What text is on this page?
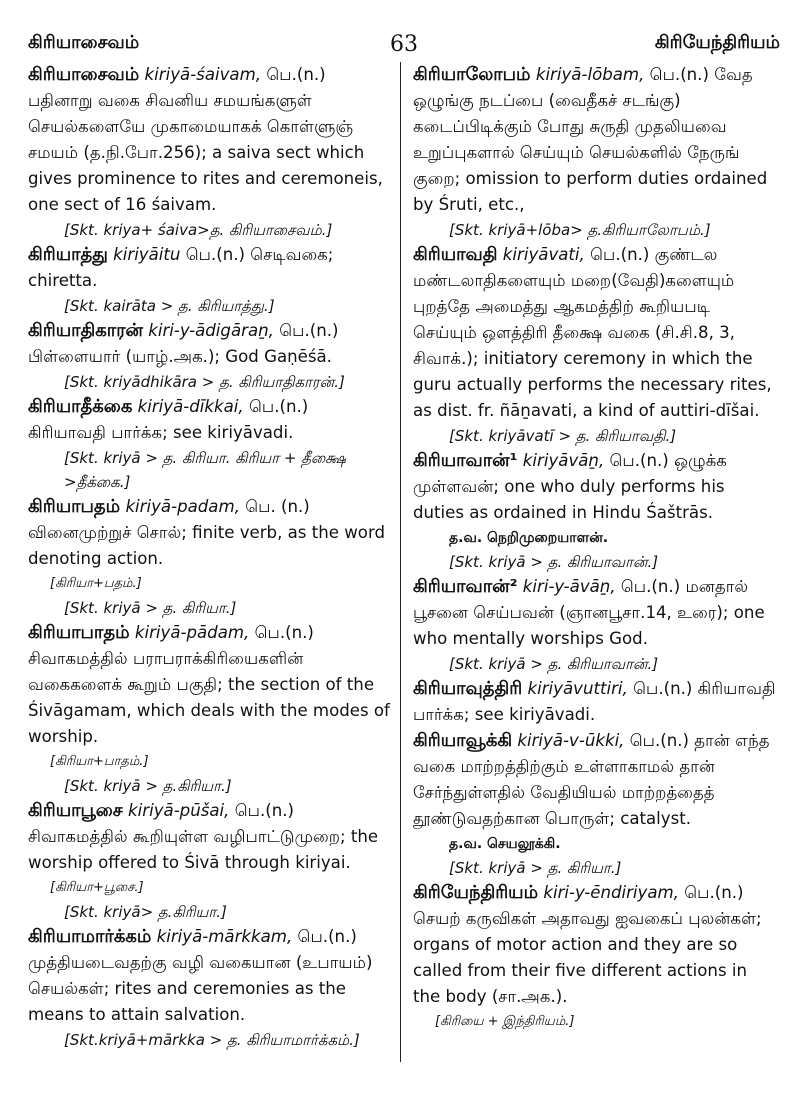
கிரியாசைவம்	63	கிரியேந்திரியம்

கிரியாசைவம் kiriyā-śaivam, பெ.(n.) பதினாறு வகை சிவனிய சமயங்களுள் செயல்களையே முகாமையாகக் கொள்ளுஞ் சமயம் (த.நி.போ.256); a saiva sect which gives prominence to rites and ceremoneis, one sect of 16 śaivam.

[Skt. kriya+ śaiva>த. கிரியாசைவம்.]

கிரியாத்து kiriyāitu பெ.(n.) செடிவகை; chiretta.

[Skt. kairāta > த. கிரியாத்து.]

கிரியாதிகாரன் kiri-y-ādigāraṉ, பெ.(n.) பிள்ளையார் (யாழ்.அக.); God Gaṇēśā.

[Skt. kriyādhikāra > த. கிரியாதிகாரன்.]

கிரியாதீக்கை kiriyā-dīkkai, பெ.(n.) கிரியாவதி பார்க்க; see kiriyāvadi.

[Skt. kriyā > த. கிரியா. கிரியா + தீக்ஷை >தீக்கை.]

கிரியாபதம் kiriyā-padam, பெ. (n.) வினைமுற்றுச் சொல்; finite verb, as the word denoting action.

[கிரியா+பதம்.]
[Skt. kriyā > த. கிரியா.]

கிரியாபாதம் kiriyā-pādam, பெ.(n.) சிவாகமத்தில் பராபராக்கிரியைகளின் வகைகளைக் கூறும் பகுதி; the section of the Śivāgamam, which deals with the modes of worship.

[கிரியா+பாதம்.]
[Skt. kriyā > த.கிரியா.]

கிரியாபூசை kiriyā-pūšai, பெ.(n.) சிவாகமத்தில் கூறியுள்ள வழிபாட்டுமுறை; the worship offered to Śivā through kiriyai.

[கிரியா+பூசை.]
[Skt. kriyā> த.கிரியா.]

கிரியாமார்க்கம் kiriyā-mārkkam, பெ.(n.) முத்தியடைவதற்கு வழி வகையான (உபாயம்) செயல்கள்; rites and ceremonies as the means to attain salvation.

[Skt.kriyā+mārkka > த. கிரியாமார்க்கம்.]

கிரியாலோபம் kiriyā-lōbam, பெ.(n.) வேத ஒழுங்கு நடப்பை (வைதீகச் சடங்கு) கடைப்பிடிக்கும் போது சுருதி முதலியவை உறுப்புகளால் செய்யும் செயல்களில் நேருங் குறை; omission to perform duties ordained by Śruti, etc.,

[Skt. kriyā+lōba> த.கிரியாலோபம்.]

கிரியாவதி kiriyāvati, பெ.(n.) குண்டல மண்டலாதிகளையும் மறை(வேதி)களையும் புறத்தே அமைத்து ஆகமத்திற் கூறியபடி செய்யும் ஒளத்திரி தீக்ஷை வகை (சி.சி.8, 3, சிவாக்.); initiatory ceremony in which the guru actually performs the necessary rites, as dist. fr. ñāṉavati, a kind of auttiri-dīšai.

[Skt. kriyāvatī > த. கிரியாவதி.]

கிரியாவான்¹ kiriyāvāṉ, பெ.(n.) ஒழுக்க முள்ளவன்; one who duly performs his duties as ordained in Hindu Śaštrās.

த.வ. நெறிமுறையாளன்.
[Skt. kriyā > த. கிரியாவான்.]

கிரியாவான்² kiri-y-āvāṉ, பெ.(n.) மனதால் பூசனை செய்பவன் (ஞானபூசா.14, உரை); one who mentally worships God.

[Skt. kriyā > த. கிரியாவான்.]

கிரியாவுத்திரி kiriyāvuttiri, பெ.(n.) கிரியாவதி பார்க்க; see kiriyāvadi.

கிரியாவூக்கி kiriyā-v-ūkki, பெ.(n.) தான் எந்த வகை மாற்றத்திற்கும் உள்ளாகாமல் தான் சேர்ந்துள்ளதில் வேதியியல் மாற்றத்தைத் தூண்டுவதற்கான பொருள்; catalyst.

த.வ. செயலூக்கி.
[Skt. kriyā > த. கிரியா.]

கிரியேந்திரியம் kiri-y-ēndiriyam, பெ.(n.) செயற் கருவிகள் அதாவது ஐவகைப் புலன்கள்; organs of motor action and they are so called from their five different actions in the body (சா.அக.).

[கிரியை + இந்திரியம்.]
